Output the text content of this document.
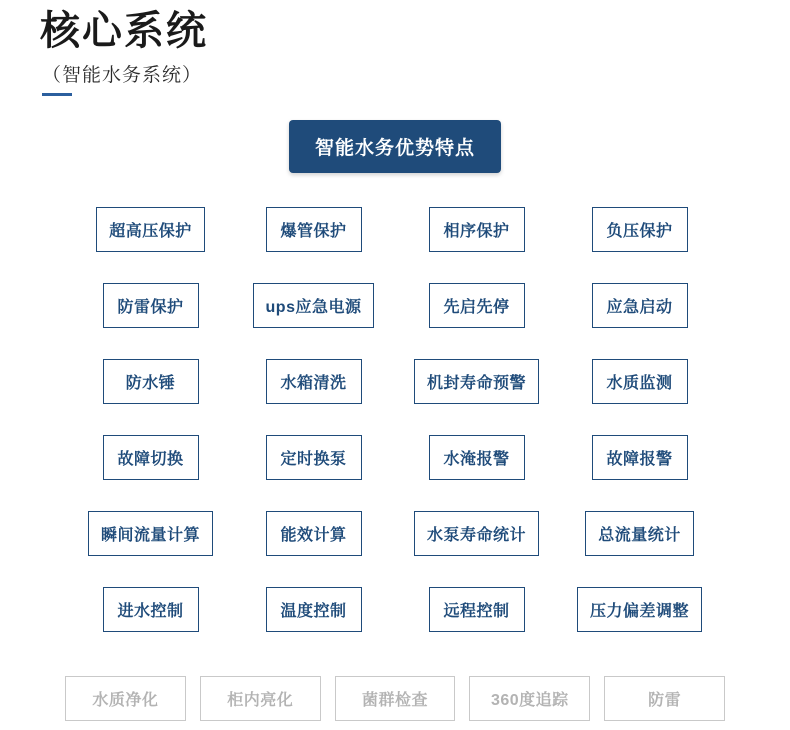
核心系统
（智能水务系统）
智能水务优势特点
超高压保护	爆管保护	相序保护	负压保护
防雷保护	ups应急电源	先启先停	应急启动
防水锤	水箱清洗	机封寿命预警	水质监测
故障切换	定时换泵	水淹报警	故障报警
瞬间流量计算	能效计算	水泵寿命统计	总流量统计
进水控制	温度控制	远程控制	压力偏差调整
水质净化	柜内亮化	菌群检查	360度追踪	防雷
